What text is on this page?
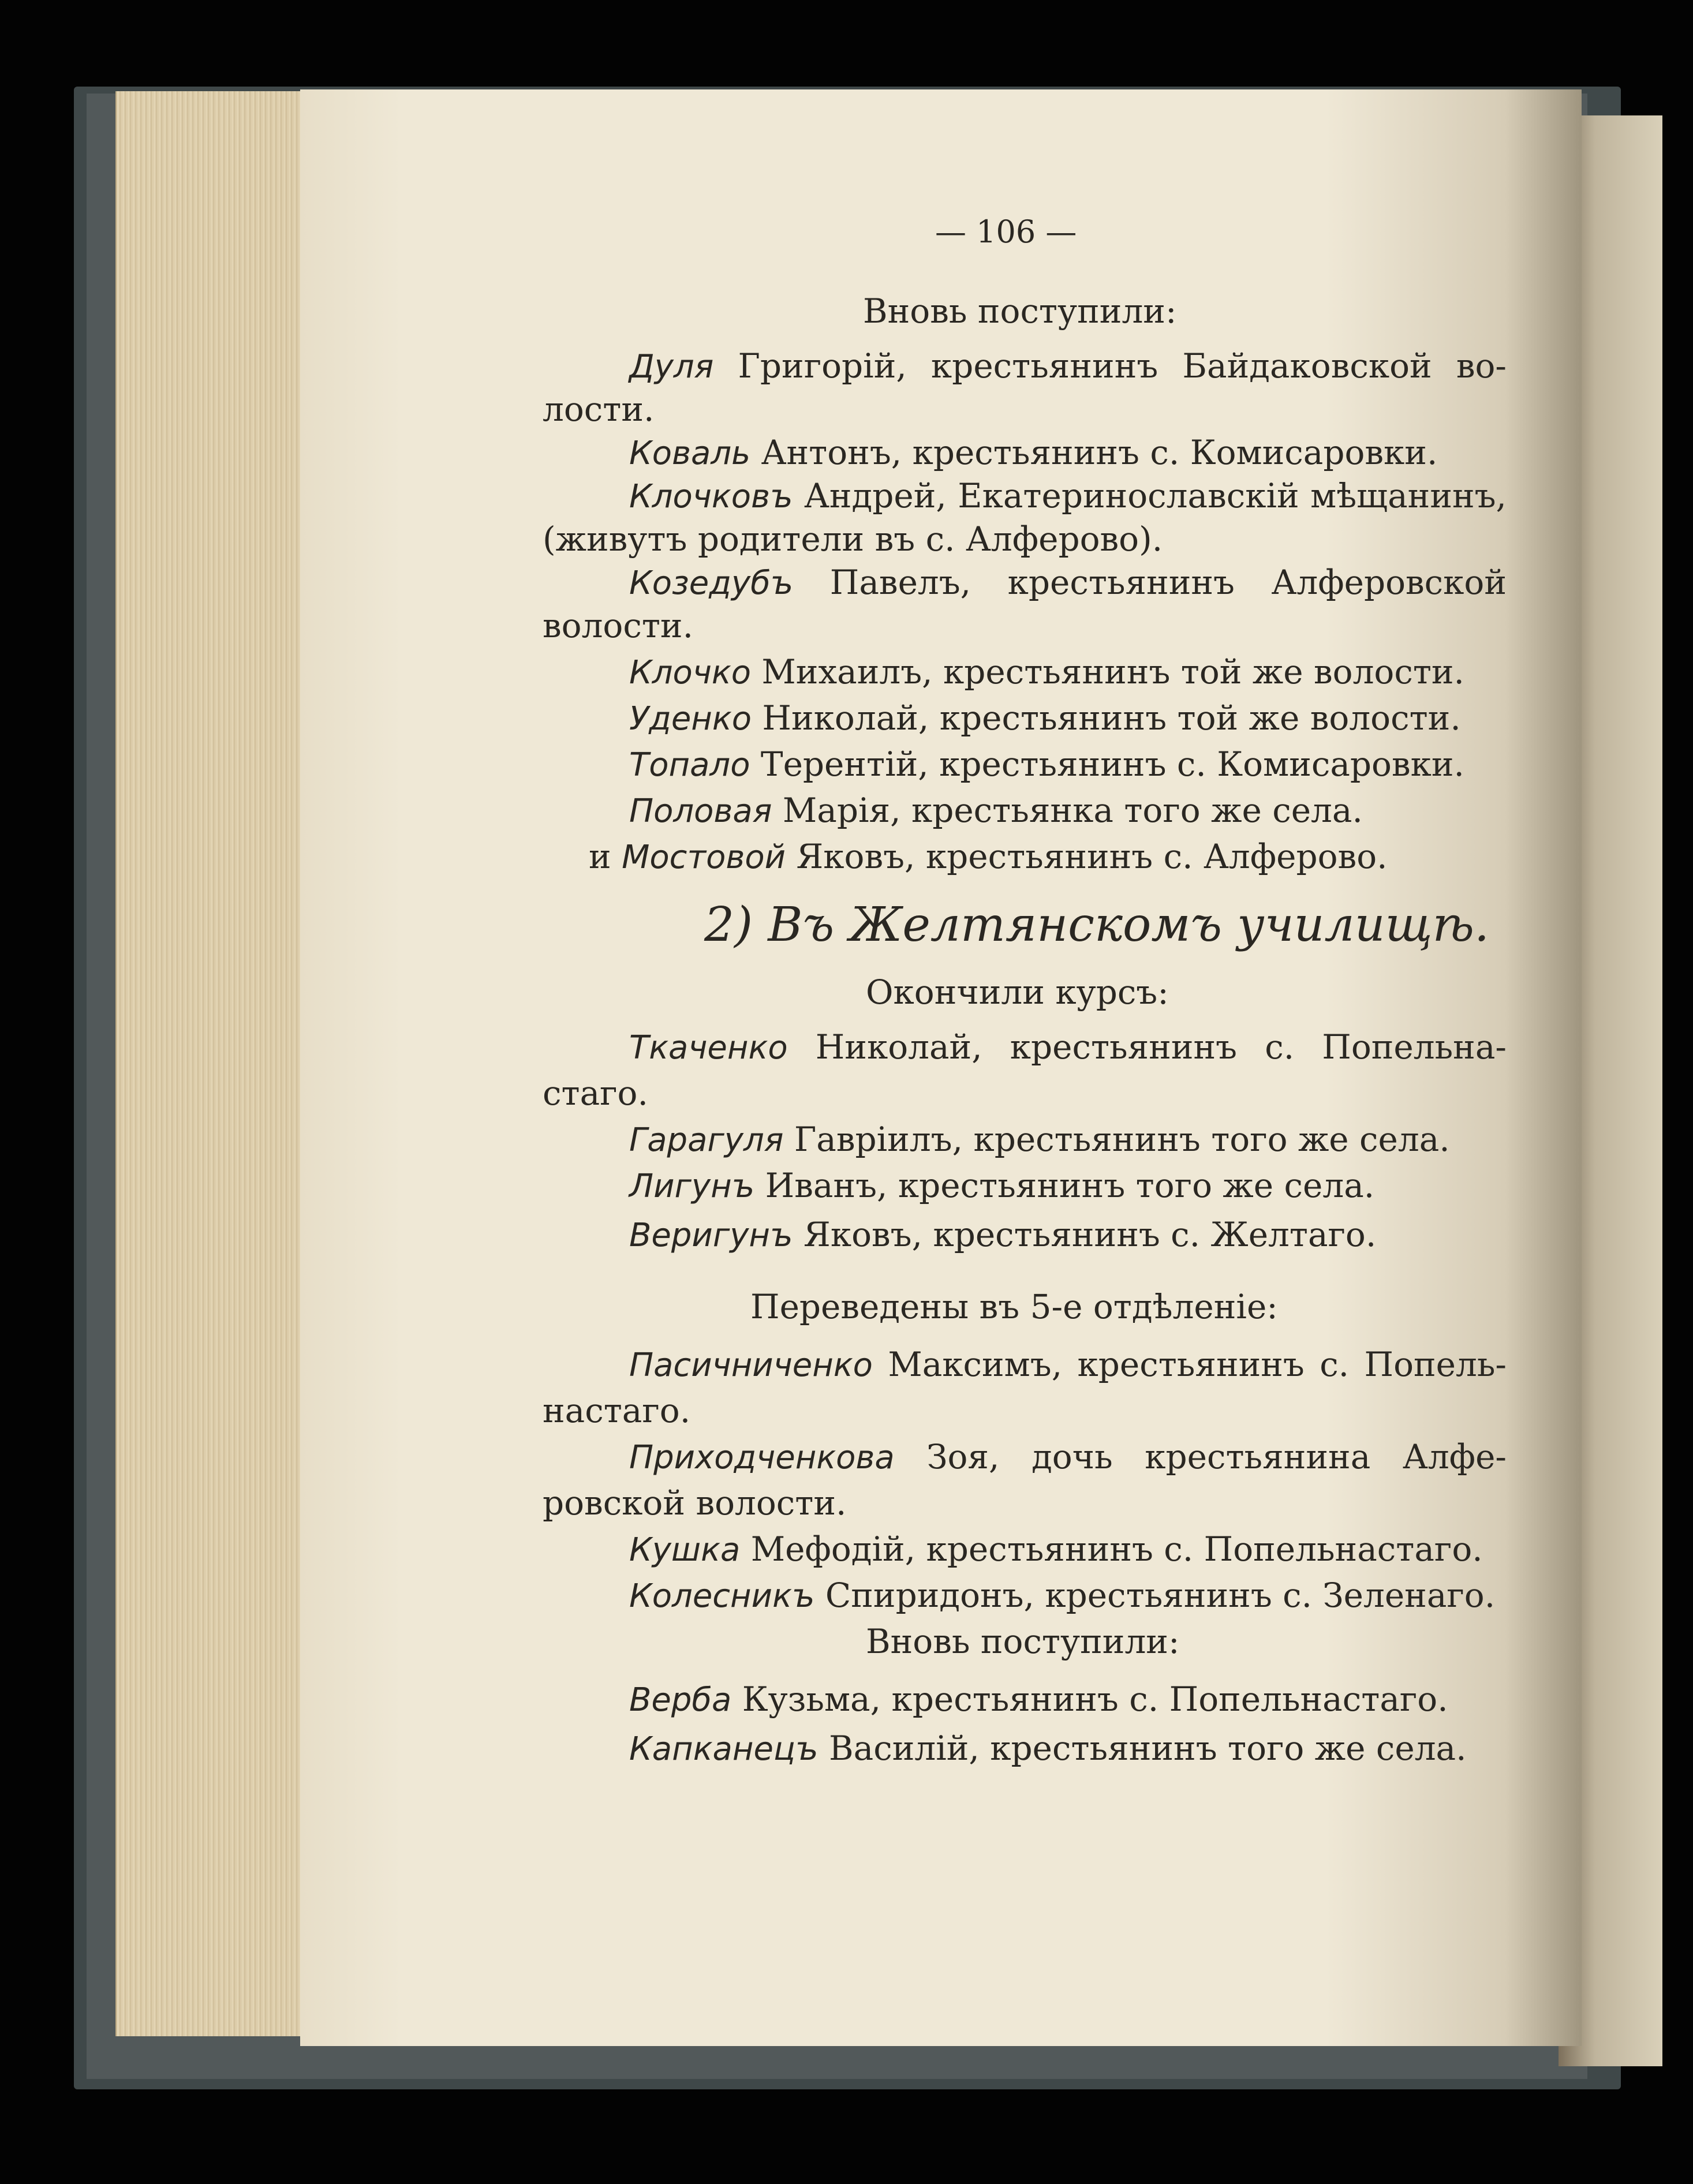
— 106 —
Вновь поступили:
Дуля Григорій, крестьянинъ Байдаковской во-
лости.
Коваль Антонъ, крестьянинъ с. Комисаровки.
Клочковъ Андрей, Екатеринославскій мѣщанинъ,
(живутъ родители въ с. Алферово).
Козедубъ Павелъ, крестьянинъ Алферовской
волости.
Клочко Михаилъ, крестьянинъ той же волости.
Уденко Николай, крестьянинъ той же волости.
Топало Терентій, крестьянинъ с. Комисаровки.
Половая Марія, крестьянка того же села.
и Мостовой Яковъ, крестьянинъ с. Алферово.
2) Въ Желтянскомъ училищѣ.
Окончили курсъ:
Ткаченко Николай, крестьянинъ с. Попельна-
стаго.
Гарагуля Гавріилъ, крестьянинъ того же села.
Лигунъ Иванъ, крестьянинъ того же села.
Веригунъ Яковъ, крестьянинъ с. Желтаго.
Переведены въ 5-е отдѣленіе:
Пасичниченко Максимъ, крестьянинъ с. Попель-
настаго.
Приходченкова Зоя, дочь крестьянина Алфе-
ровской волости.
Кушка Мефодій, крестьянинъ с. Попельнастаго.
Колесникъ Спиридонъ, крестьянинъ с. Зеленаго.
Вновь поступили:
Верба Кузьма, крестьянинъ с. Попельнастаго.
Капканецъ Василій, крестьянинъ того же села.
